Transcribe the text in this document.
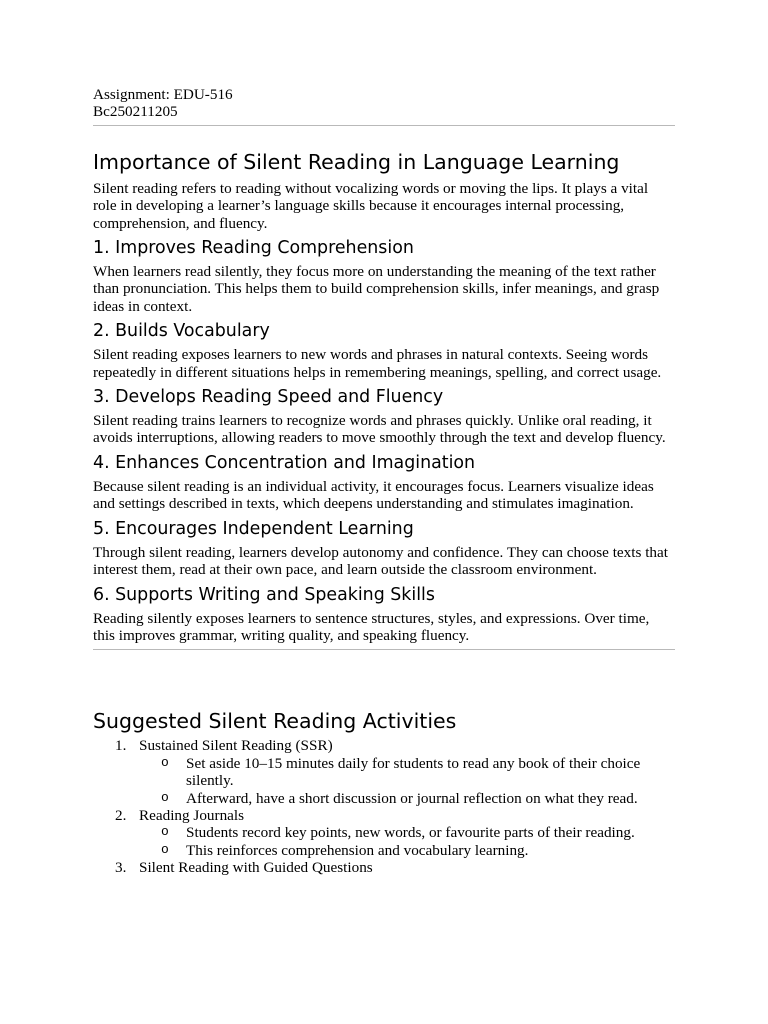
Assignment: EDU-516

Bc250211205

Importance of Silent Reading in Language Learning

Silent reading refers to reading without vocalizing words or moving the lips. It plays a vital role in developing a learner’s language skills because it encourages internal processing, comprehension, and fluency.

1. Improves Reading Comprehension

When learners read silently, they focus more on understanding the meaning of the text rather than pronunciation. This helps them to build comprehension skills, infer meanings, and grasp ideas in context.

2. Builds Vocabulary

Silent reading exposes learners to new words and phrases in natural contexts. Seeing words repeatedly in different situations helps in remembering meanings, spelling, and correct usage.

3. Develops Reading Speed and Fluency

Silent reading trains learners to recognize words and phrases quickly. Unlike oral reading, it avoids interruptions, allowing readers to move smoothly through the text and develop fluency.

4. Enhances Concentration and Imagination

Because silent reading is an individual activity, it encourages focus. Learners visualize ideas and settings described in texts, which deepens understanding and stimulates imagination.

5. Encourages Independent Learning

Through silent reading, learners develop autonomy and confidence. They can choose texts that interest them, read at their own pace, and learn outside the classroom environment.

6. Supports Writing and Speaking Skills

Reading silently exposes learners to sentence structures, styles, and expressions. Over time, this improves grammar, writing quality, and speaking fluency.

Suggested Silent Reading Activities
1. Sustained Silent Reading (SSR)
o Set aside 10–15 minutes daily for students to read any book of their choice silently.
o Afterward, have a short discussion or journal reflection on what they read.
2. Reading Journals
o Students record key points, new words, or favourite parts of their reading.
o This reinforces comprehension and vocabulary learning.
3. Silent Reading with Guided Questions
